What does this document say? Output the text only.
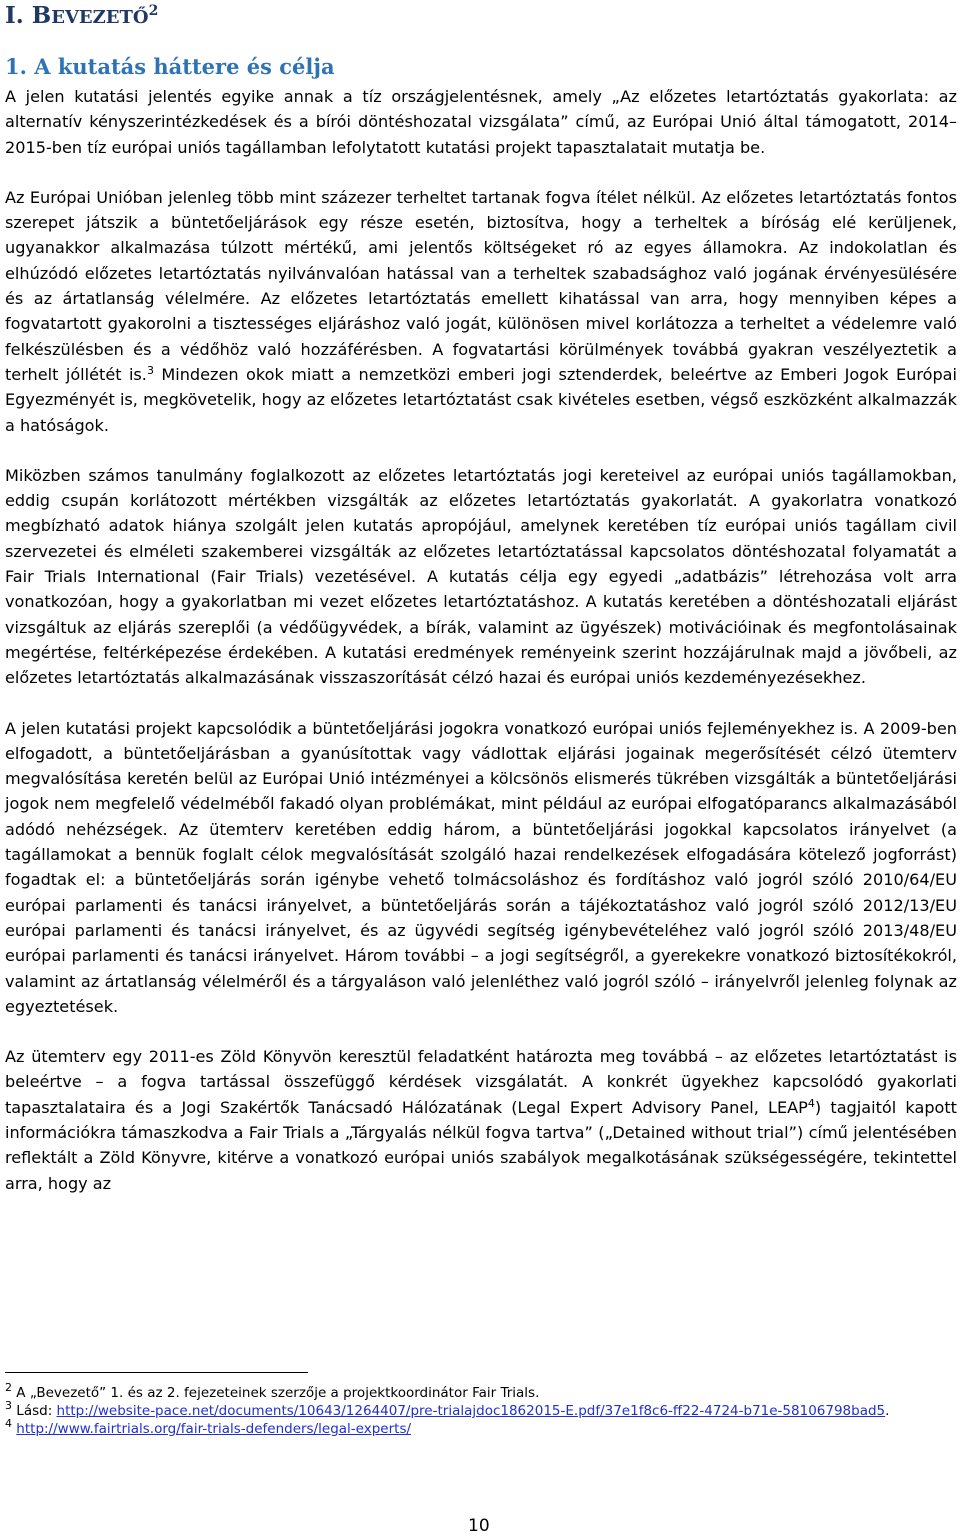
I. BEVEZETŐ$^2$
1. A kutatás háttere és célja

A jelen kutatási jelentés egyike annak a tíz országjelentésnek, amely „Az előzetes letartóztatás gyakorlata: az alternatív kényszerintézkedések és a bírói döntéshozatal vizsgálata” című, az Európai Unió által támogatott, 2014–2015-ben tíz európai uniós tagállamban lefolytatott kutatási projekt tapasztalatait mutatja be.

Az Európai Unióban jelenleg több mint százezer terheltet tartanak fogva ítélet nélkül. Az előzetes letartóztatás fontos szerepet játszik a büntetőeljárások egy része esetén, biztosítva, hogy a terheltek a bíróság elé kerüljenek, ugyanakkor alkalmazása túlzott mértékű, ami jelentős költségeket ró az egyes államokra. Az indokolatlan és elhúzódó előzetes letartóztatás nyilvánvalóan hatással van a terheltek szabadsághoz való jogának érvényesülésére és az ártatlanság vélelmére. Az előzetes letartóztatás emellett kihatással van arra, hogy mennyiben képes a fogvatartott gyakorolni a tisztességes eljáráshoz való jogát, különösen mivel korlátozza a terheltet a védelemre való felkészülésben és a védőhöz való hozzáférésben. A fogvatartási körülmények továbbá gyakran veszélyeztetik a terhelt jóllétét is.$^3$ Mindezen okok miatt a nemzetközi emberi jogi sztenderdek, beleértve az Emberi Jogok Európai Egyezményét is, megkövetelik, hogy az előzetes letartóztatást csak kivételes esetben, végső eszközként alkalmazzák a hatóságok.

Miközben számos tanulmány foglalkozott az előzetes letartóztatás jogi kereteivel az európai uniós tagállamokban, eddig csupán korlátozott mértékben vizsgálták az előzetes letartóztatás gyakorlatát. A gyakorlatra vonatkozó megbízható adatok hiánya szolgált jelen kutatás apropójául, amelynek keretében tíz európai uniós tagállam civil szervezetei és elméleti szakemberei vizsgálták az előzetes letartóztatással kapcsolatos döntéshozatal folyamatát a Fair Trials International (Fair Trials) vezetésével. A kutatás célja egy egyedi „adatbázis” létrehozása volt arra vonatkozóan, hogy a gyakorlatban mi vezet előzetes letartóztatáshoz. A kutatás keretében a döntéshozatali eljárást vizsgáltuk az eljárás szereplői (a védőügyvédek, a bírák, valamint az ügyészek) motivációinak és megfontolásainak megértése, feltérképezése érdekében. A kutatási eredmények reményeink szerint hozzájárulnak majd a jövőbeli, az előzetes letartóztatás alkalmazásának visszaszorítását célzó hazai és európai uniós kezdeményezésekhez.

A jelen kutatási projekt kapcsolódik a büntetőeljárási jogokra vonatkozó európai uniós fejleményekhez is. A 2009-ben elfogadott, a büntetőeljárásban a gyanúsítottak vagy vádlottak eljárási jogainak megerősítését célzó ütemterv megvalósítása keretén belül az Európai Unió intézményei a kölcsönös elismerés tükrében vizsgálták a büntetőeljárási jogok nem megfelelő védelméből fakadó olyan problémákat, mint például az európai elfogatóparancs alkalmazásából adódó nehézségek. Az ütemterv keretében eddig három, a büntetőeljárási jogokkal kapcsolatos irányelvet (a tagállamokat a bennük foglalt célok megvalósítását szolgáló hazai rendelkezések elfogadására kötelező jogforrást) fogadtak el: a büntetőeljárás során igénybe vehető tolmácsoláshoz és fordításhoz való jogról szóló 2010/64/EU európai parlamenti és tanácsi irányelvet, a büntetőeljárás során a tájékoztatáshoz való jogról szóló 2012/13/EU európai parlamenti és tanácsi irányelvet, és az ügyvédi segítség igénybevételéhez való jogról szóló 2013/48/EU európai parlamenti és tanácsi irányelvet. Három további – a jogi segítségről, a gyerekekre vonatkozó biztosítékokról, valamint az ártatlanság vélelméről és a tárgyaláson való jelenléthez való jogról szóló – irányelvről jelenleg folynak az egyeztetések.

Az ütemterv egy 2011-es Zöld Könyvön keresztül feladatként határozta meg továbbá – az előzetes letartóztatást is beleértve – a fogva tartással összefüggő kérdések vizsgálatát. A konkrét ügyekhez kapcsolódó gyakorlati tapasztalataira és a Jogi Szakértők Tanácsadó Hálózatának (Legal Expert Advisory Panel, LEAP$^4$) tagjaitól kapott információkra támaszkodva a Fair Trials a „Tárgyalás nélkül fogva tartva” („Detained without trial”) című jelentésében reflektált a Zöld Könyvre, kitérve a vonatkozó európai uniós szabályok megalkotásának szükségességére, tekintettel arra, hogy az

$^2$ A „Bevezető” 1. és az 2. fejezeteinek szerzője a projektkoordinátor Fair Trials.
$^3$ Lásd: http://website-pace.net/documents/10643/1264407/pre-trialajdoc1862015-E.pdf/37e1f8c6-ff22-4724-b71e-58106798bad5.
$^4$ http://www.fairtrials.org/fair-trials-defenders/legal-experts/
10
